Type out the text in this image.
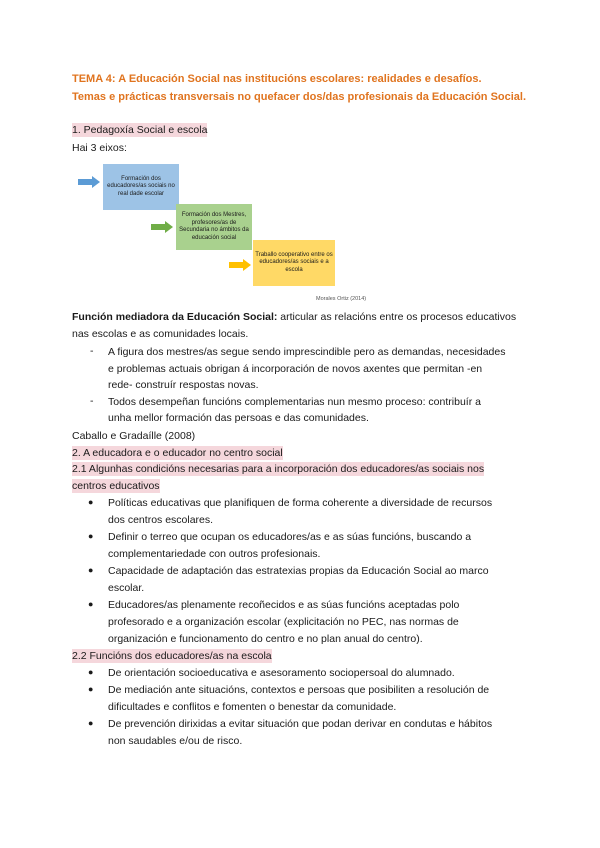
TEMA 4: A Educación Social nas institucións escolares: realidades e desafíos.
Temas e prácticas transversais no quefacer dos/das profesionais da Educación Social.
1. Pedagoxía Social e escola
Hai 3 eixos:
Formación dos educadores/as sociais no real dade escolar
Formación dos Mestres, profesores/as de Secundaria no ámbitos da educación social
Traballo cooperativo entre os educadores/as sociais e a escola
Morales Ortiz (2014)
Función mediadora da Educación Social: articular as relacións entre os procesos educativos
nas escolas e as comunidades locais.
- A figura dos mestres/as segue sendo imprescindible pero as demandas, necesidades
e problemas actuais obrigan á incorporación de novos axentes que permitan -en
rede- construír respostas novas.
- Todos desempeñan funcións complementarias nun mesmo proceso: contribuír a
unha mellor formación das persoas e das comunidades.
Caballo e Gradaílle (2008)
2. A educadora e o educador no centro social
2.1 Algunhas condicións necesarias para a incorporación dos educadores/as sociais nos
centros educativos
● Políticas educativas que planifiquen de forma coherente a diversidade de recursos
dos centros escolares.
● Definir o terreo que ocupan os educadores/as e as súas funcións, buscando a
complementariedade con outros profesionais.
● Capacidade de adaptación das estratexias propias da Educación Social ao marco
escolar.
● Educadores/as plenamente recoñecidos e as súas funcións aceptadas polo
profesorado e a organización escolar (explicitación no PEC, nas normas de
organización e funcionamento do centro e no plan anual do centro).
2.2 Funcións dos educadores/as na escola
● De orientación socioeducativa e asesoramento sociopersoal do alumnado.
● De mediación ante situacións, contextos e persoas que posibiliten a resolución de
dificultades e conflitos e fomenten o benestar da comunidade.
● De prevención dirixidas a evitar situación que podan derivar en condutas e hábitos
non saudables e/ou de risco.
